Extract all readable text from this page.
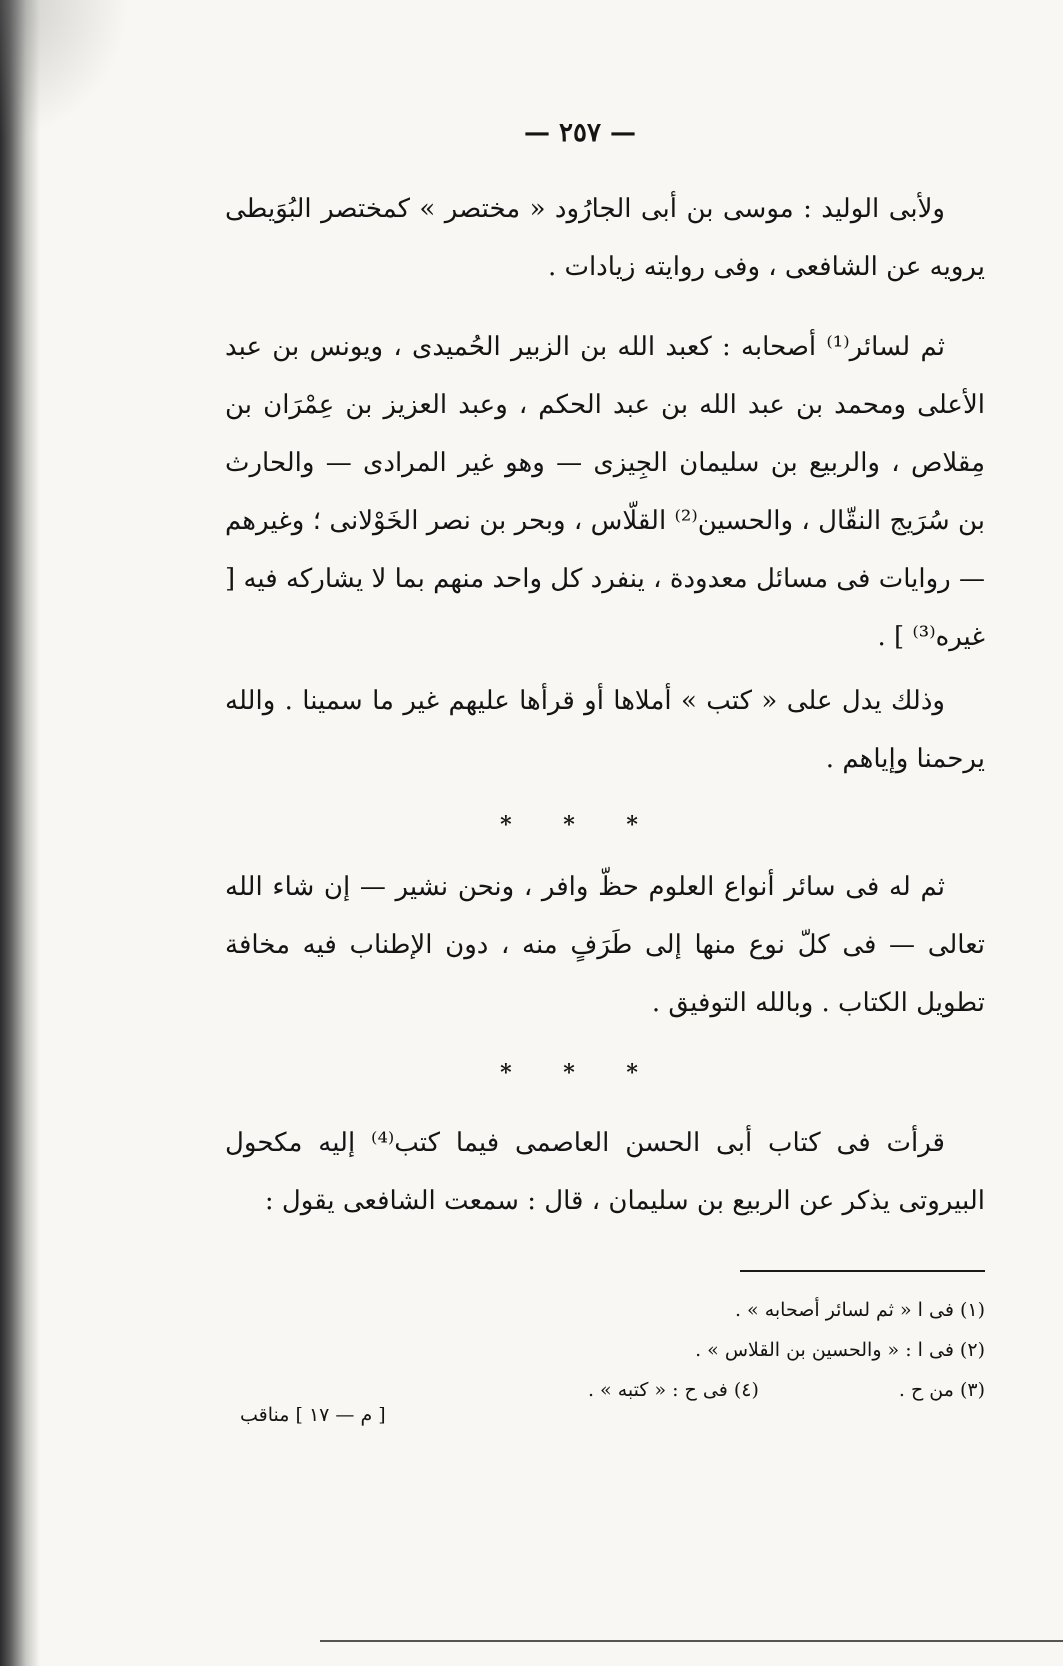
— ٢٥٧ —

ولأبى الوليد : موسى بن أبى الجارُود « مختصر » كمختصر البُوَيطى يرويه عن الشافعى ، وفى روايته زيادات .

ثم لسائر⁽¹⁾ أصحابه : كعبد الله بن الزبير الحُميدى ، ويونس بن عبد الأعلى ومحمد بن عبد الله بن عبد الحكم ، وعبد العزيز بن عِمْرَان بن مِقلاص ، والربيع بن سليمان الجِيزى — وهو غير المرادى — والحارث بن سُرَيج النقّال ، والحسين⁽²⁾ القلّاس ، وبحر بن نصر الخَوْلانى ؛ وغيرهم — روايات فى مسائل معدودة ، ينفرد كل واحد منهم بما لا يشاركه فيه [ غيره⁽³⁾ ] .

وذلك يدل على « كتب » أملاها أو قرأها عليهم غير ما سمينا . والله يرحمنا وإياهم .

* * *

ثم له فى سائر أنواع العلوم حظّ وافر ، ونحن نشير — إن شاء الله تعالى — فى كلّ نوع منها إلى طَرَفٍ منه ، دون الإطناب فيه مخافة تطويل الكتاب . وبالله التوفيق .

* * *

قرأت فى كتاب أبى الحسن العاصمى فيما كتب⁽⁴⁾ إليه مكحول البيروتى يذكر عن الربيع بن سليمان ، قال : سمعت الشافعى يقول :

(١) فى ا « ثم لسائر أصحابه » .
(٢) فى ا : « والحسين بن القلاس » .
(٣) من ح .
(٤) فى ح : « كتبه » .
[ م — ١٧ ] مناقب
